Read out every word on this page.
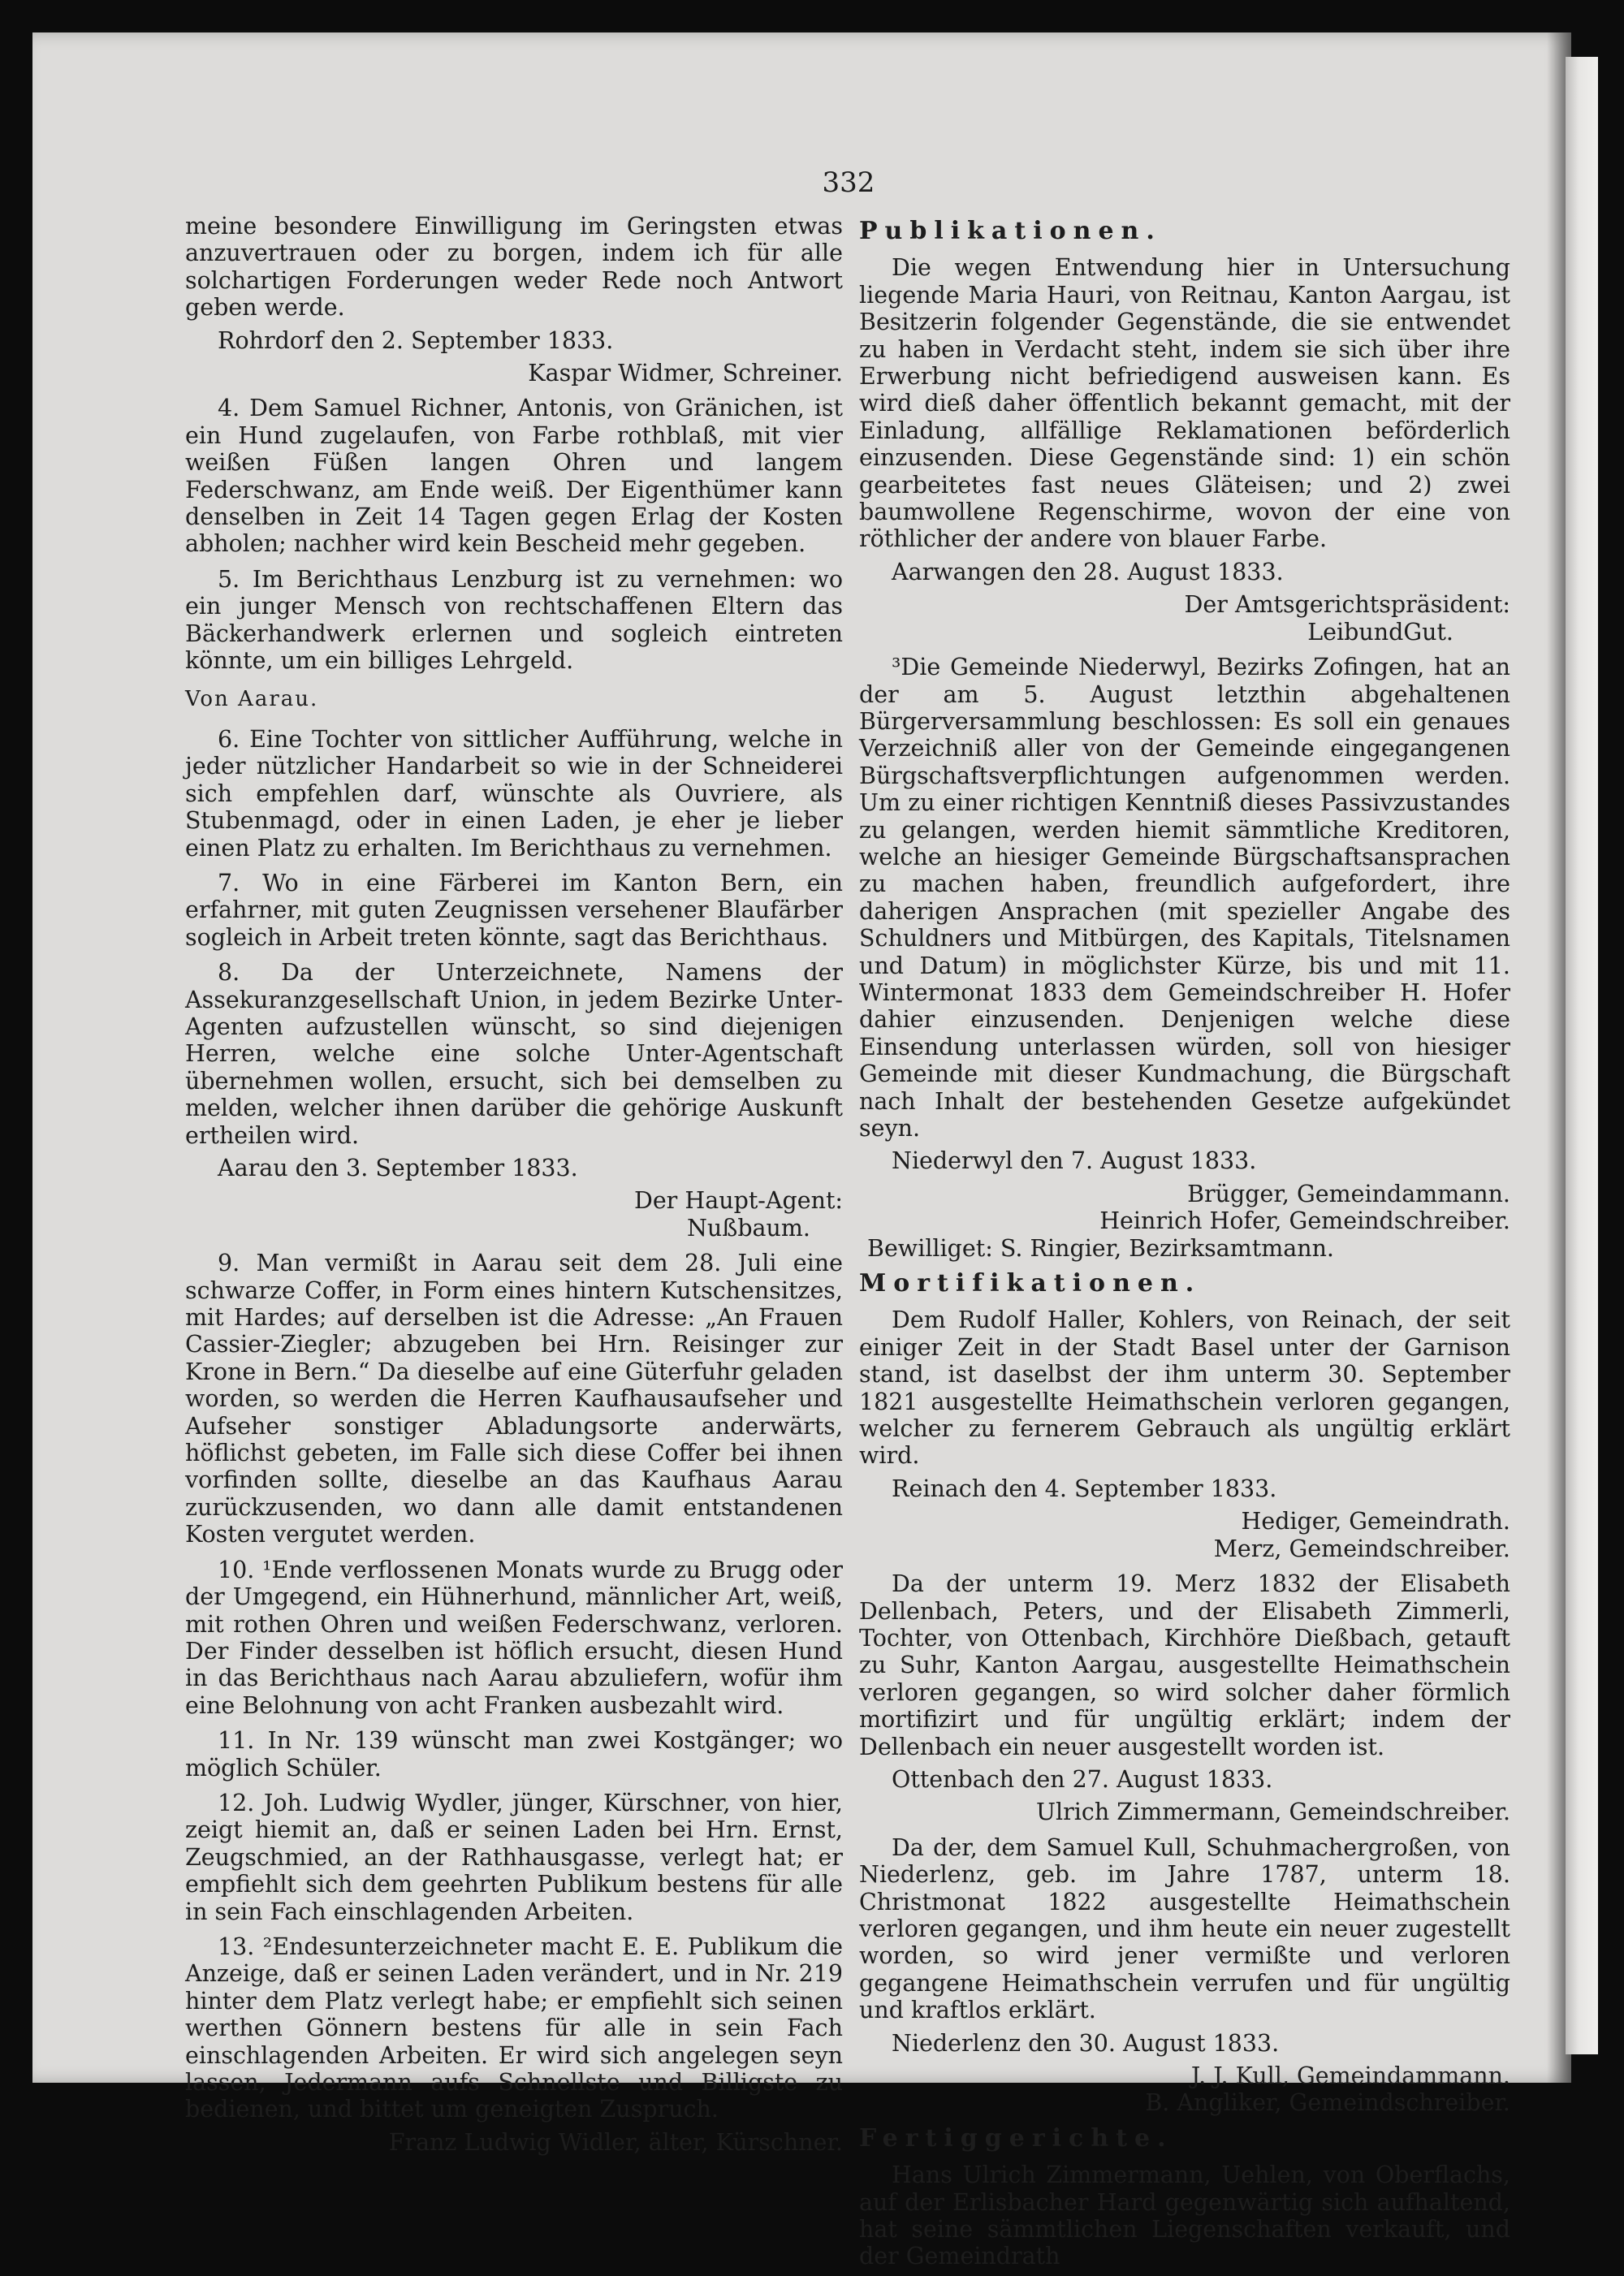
332

meine besondere Einwilligung im Geringsten etwas anzuvertrauen oder zu borgen, indem ich für alle solchartigen Forderungen weder Rede noch Antwort geben werde.

Rohrdorf den 2. September 1833.

Kaspar Widmer, Schreiner.

4. Dem Samuel Richner, Antonis, von Gränichen, ist ein Hund zugelaufen, von Farbe rothblaß, mit vier weißen Füßen langen Ohren und langem Federschwanz, am Ende weiß. Der Eigenthümer kann denselben in Zeit 14 Tagen gegen Erlag der Kosten abholen; nachher wird kein Bescheid mehr gegeben.

5. Im Berichthaus Lenzburg ist zu vernehmen: wo ein junger Mensch von rechtschaffenen Eltern das Bäckerhandwerk erlernen und sogleich eintreten könnte, um ein billiges Lehrgeld.

Von Aarau.

6. Eine Tochter von sittlicher Aufführung, welche in jeder nützlicher Handarbeit so wie in der Schneiderei sich empfehlen darf, wünschte als Ouvriere, als Stubenmagd, oder in einen Laden, je eher je lieber einen Platz zu erhalten. Im Berichthaus zu vernehmen.

7. Wo in eine Färberei im Kanton Bern, ein erfahrner, mit guten Zeugnissen versehener Blaufärber sogleich in Arbeit treten könnte, sagt das Berichthaus.

8. Da der Unterzeichnete, Namens der Assekuranzgesellschaft Union, in jedem Bezirke Unter-Agenten aufzustellen wünscht, so sind diejenigen Herren, welche eine solche Unter-Agentschaft übernehmen wollen, ersucht, sich bei demselben zu melden, welcher ihnen darüber die gehörige Auskunft ertheilen wird.

Aarau den 3. September 1833.

Der Haupt-Agent:

Nußbaum.

9. Man vermißt in Aarau seit dem 28. Juli eine schwarze Coffer, in Form eines hintern Kutschensitzes, mit Hardes; auf derselben ist die Adresse: „An Frauen Cassier-Ziegler; abzugeben bei Hrn. Reisinger zur Krone in Bern.“ Da dieselbe auf eine Güterfuhr geladen worden, so werden die Herren Kaufhausaufseher und Aufseher sonstiger Abladungsorte anderwärts, höflichst gebeten, im Falle sich diese Coffer bei ihnen vorfinden sollte, dieselbe an das Kaufhaus Aarau zurückzusenden, wo dann alle damit entstandenen Kosten vergutet werden.

10. ¹Ende verflossenen Monats wurde zu Brugg oder der Umgegend, ein Hühnerhund, männlicher Art, weiß, mit rothen Ohren und weißen Federschwanz, verloren. Der Finder desselben ist höflich ersucht, diesen Hund in das Berichthaus nach Aarau abzuliefern, wofür ihm eine Belohnung von acht Franken ausbezahlt wird.

11. In Nr. 139 wünscht man zwei Kostgänger; wo möglich Schüler.

12. Joh. Ludwig Wydler, jünger, Kürschner, von hier, zeigt hiemit an, daß er seinen Laden bei Hrn. Ernst, Zeugschmied, an der Rathhausgasse, verlegt hat; er empfiehlt sich dem geehrten Publikum bestens für alle in sein Fach einschlagenden Arbeiten.

13. ²Endesunterzeichneter macht E. E. Publikum die Anzeige, daß er seinen Laden verändert, und in Nr. 219 hinter dem Platz verlegt habe; er empfiehlt sich seinen werthen Gönnern bestens für alle in sein Fach einschlagenden Arbeiten. Er wird sich angelegen seyn lassen, Jedermann aufs Schnellste und Billigste zu bedienen, und bittet um geneigten Zuspruch.

Franz Ludwig Widler, älter, Kürschner.

Publikationen.

Die wegen Entwendung hier in Untersuchung liegende Maria Hauri, von Reitnau, Kanton Aargau, ist Besitzerin folgender Gegenstände, die sie entwendet zu haben in Verdacht steht, indem sie sich über ihre Erwerbung nicht befriedigend ausweisen kann. Es wird dieß daher öffentlich bekannt gemacht, mit der Einladung, allfällige Reklamationen beförderlich einzusenden. Diese Gegenstände sind: 1) ein schön gearbeitetes fast neues Gläteisen; und 2) zwei baumwollene Regenschirme, wovon der eine von röthlicher der andere von blauer Farbe.

Aarwangen den 28. August 1833.

Der Amtsgerichtspräsident:

LeibundGut.

³Die Gemeinde Niederwyl, Bezirks Zofingen, hat an der am 5. August letzthin abgehaltenen Bürgerversammlung beschlossen: Es soll ein genaues Verzeichniß aller von der Gemeinde eingegangenen Bürgschaftsverpflichtungen aufgenommen werden. Um zu einer richtigen Kenntniß dieses Passivzustandes zu gelangen, werden hiemit sämmtliche Kreditoren, welche an hiesiger Gemeinde Bürgschaftsansprachen zu machen haben, freundlich aufgefordert, ihre daherigen Ansprachen (mit spezieller Angabe des Schuldners und Mitbürgen, des Kapitals, Titelsnamen und Datum) in möglichster Kürze, bis und mit 11. Wintermonat 1833 dem Gemeindschreiber H. Hofer dahier einzusenden. Denjenigen welche diese Einsendung unterlassen würden, soll von hiesiger Gemeinde mit dieser Kundmachung, die Bürgschaft nach Inhalt der bestehenden Gesetze aufgekündet seyn.

Niederwyl den 7. August 1833.

Brügger, Gemeindammann.

Heinrich Hofer, Gemeindschreiber.

Bewilliget: S. Ringier, Bezirksamtmann.

Mortifikationen.

Dem Rudolf Haller, Kohlers, von Reinach, der seit einiger Zeit in der Stadt Basel unter der Garnison stand, ist daselbst der ihm unterm 30. September 1821 ausgestellte Heimathschein verloren gegangen, welcher zu fernerem Gebrauch als ungültig erklärt wird.

Reinach den 4. September 1833.

Hediger, Gemeindrath.

Merz, Gemeindschreiber.

Da der unterm 19. Merz 1832 der Elisabeth Dellenbach, Peters, und der Elisabeth Zimmerli, Tochter, von Ottenbach, Kirchhöre Dießbach, getauft zu Suhr, Kanton Aargau, ausgestellte Heimathschein verloren gegangen, so wird solcher daher förmlich mortifizirt und für ungültig erklärt; indem der Dellenbach ein neuer ausgestellt worden ist.

Ottenbach den 27. August 1833.

Ulrich Zimmermann, Gemeindschreiber.

Da der, dem Samuel Kull, Schuhmachergroßen, von Niederlenz, geb. im Jahre 1787, unterm 18. Christmonat 1822 ausgestellte Heimathschein verloren gegangen, und ihm heute ein neuer zugestellt worden, so wird jener vermißte und verloren gegangene Heimathschein verrufen und für ungültig und kraftlos erklärt.

Niederlenz den 30. August 1833.

J. J. Kull, Gemeindammann.

B. Angliker, Gemeindschreiber.

Fertiggerichte.

Hans Ulrich Zimmermann, Uehlen, von Oberflachs, auf der Erlisbacher Hard gegenwärtig sich aufhaltend, hat seine sämmtlichen Liegenschaften verkauft, und der Gemeindrath
